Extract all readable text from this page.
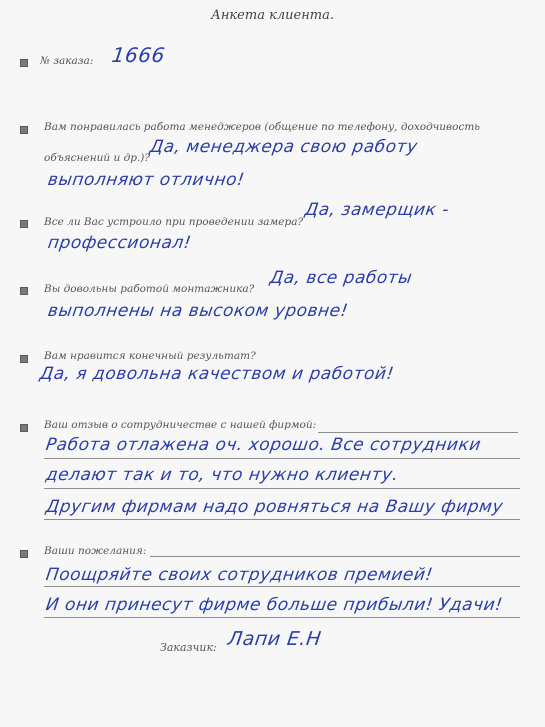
Анкета клиента.
№ заказа: 1666
Вам понравилась работа менеджеров (общение по телефону, доходчивость
объяснений и др.)?
Да, менеджера свою работу
выполняют отлично!
Все ли Вас устроило при проведении замера?
Да, замерщик -
профессионал!
Вы довольны работой монтажника?
Да, все работы
выполнены на высоком уровне!
Вам нравится конечный результат?
Да, я довольна качеством и работой!
Ваш отзыв о сотрудничестве с нашей фирмой:
Работа отлажена оч. хорошо. Все сотрудники
делают так и то, что нужно клиенту.
Другим фирмам надо ровняться на Вашу фирму
Ваши пожелания:
Поощряйте своих сотрудников премией!
И они принесут фирме больше прибыли! Удачи!
Заказчик: Лапи Е.Н
